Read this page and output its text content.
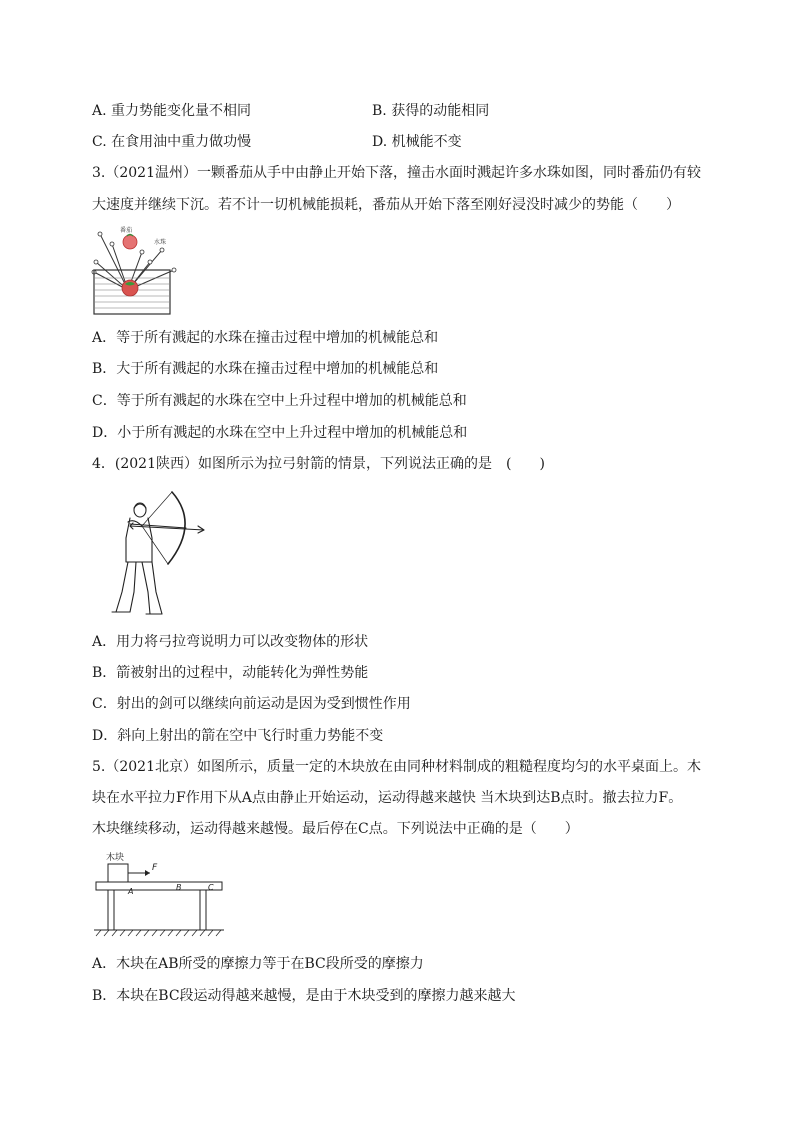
A. 重力势能变化量不相同	B. 获得的动能相同
C. 在食用油中重力做功慢	D. 机械能不变
3.（2021温州）一颗番茄从手中由静止开始下落，撞击水面时溅起许多水珠如图，同时番茄仍有较
大速度并继续下沉。若不计一切机械能损耗，番茄从开始下落至刚好浸没时减少的势能（　　）
番茄
水珠
A．等于所有溅起的水珠在撞击过程中增加的机械能总和
B．大于所有溅起的水珠在撞击过程中增加的机械能总和
C．等于所有溅起的水珠在空中上升过程中增加的机械能总和
D．小于所有溅起的水珠在空中上升过程中增加的机械能总和
4．(2021陕西）如图所示为拉弓射箭的情景，下列说法正确的是　(　　)
A．用力将弓拉弯说明力可以改变物体的形状
B．箭被射出的过程中，动能转化为弹性势能
C．射出的剑可以继续向前运动是因为受到惯性作用
D．斜向上射出的箭在空中飞行时重力势能不变
5.（2021北京）如图所示，质量一定的木块放在由同种材料制成的粗糙程度均匀的水平桌面上。木
块在水平拉力F作用下从A点由静止开始运动，运动得越来越快 当木块到达B点时。撤去拉力F。
木块继续移动，运动得越来越慢。最后停在C点。下列说法中正确的是（　　）
木块
F
A	B	C
A．木块在AB所受的摩擦力等于在BC段所受的摩擦力
B．本块在BC段运动得越来越慢，是由于木块受到的摩擦力越来越大
